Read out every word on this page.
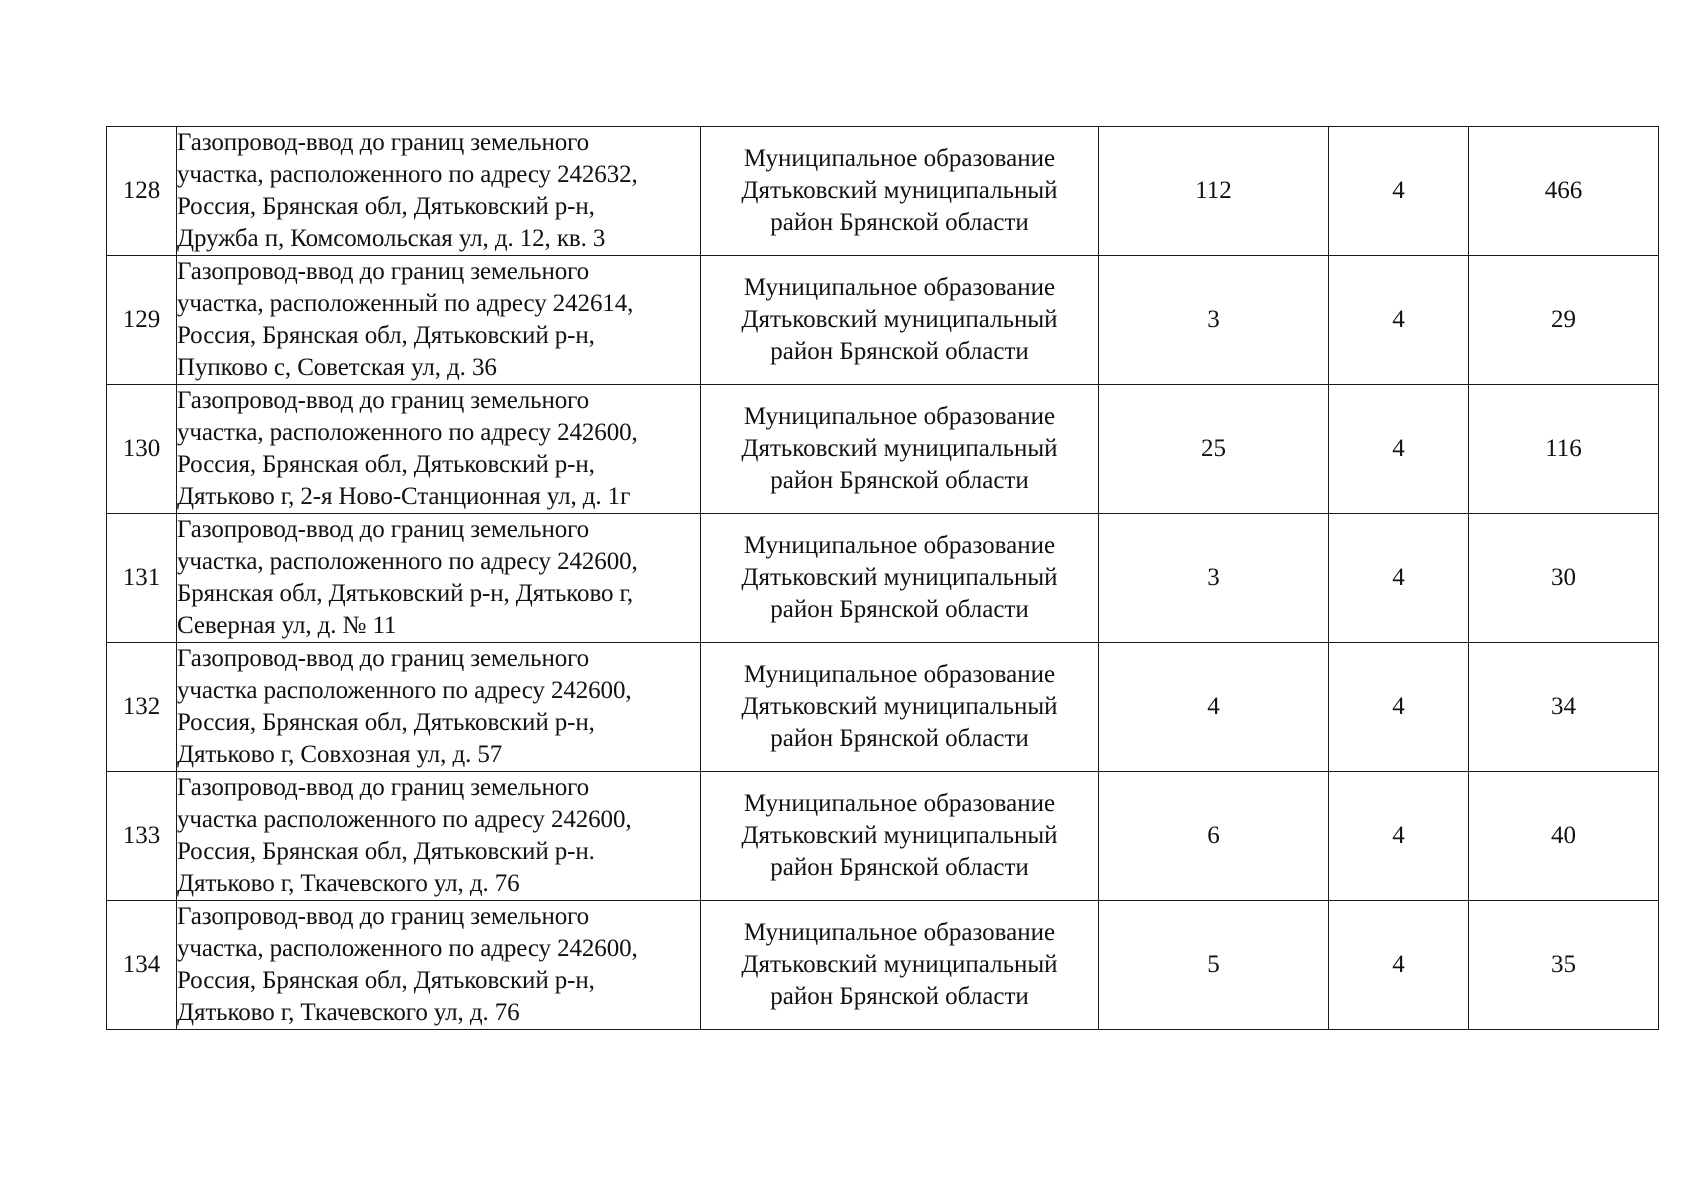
128	Газопровод-ввод до границ земельного
участка, расположенного по адресу 242632,
Россия, Брянская обл, Дятьковский р-н,
Дружба п, Комсомольская ул, д. 12, кв. 3	Муниципальное образование
Дятьковский муниципальный
район Брянской области	112	4	466
129	Газопровод-ввод до границ земельного
участка, расположенный по адресу 242614,
Россия, Брянская обл, Дятьковский р-н,
Пупково с, Советская ул, д. 36	Муниципальное образование
Дятьковский муниципальный
район Брянской области	3	4	29
130	Газопровод-ввод до границ земельного
участка, расположенного по адресу 242600,
Россия, Брянская обл, Дятьковский р-н,
Дятьково г, 2-я Ново-Станционная ул, д. 1г	Муниципальное образование
Дятьковский муниципальный
район Брянской области	25	4	116
131	Газопровод-ввод до границ земельного
участка, расположенного по адресу 242600,
Брянская обл, Дятьковский р-н, Дятьково г,
Северная ул, д. № 11	Муниципальное образование
Дятьковский муниципальный
район Брянской области	3	4	30
132	Газопровод-ввод до границ земельного
участка расположенного по адресу 242600,
Россия, Брянская обл, Дятьковский р-н,
Дятьково г, Совхозная ул, д. 57	Муниципальное образование
Дятьковский муниципальный
район Брянской области	4	4	34
133	Газопровод-ввод до границ земельного
участка расположенного по адресу 242600,
Россия, Брянская обл, Дятьковский р-н.
Дятьково г, Ткачевского ул, д. 76	Муниципальное образование
Дятьковский муниципальный
район Брянской области	6	4	40
134	Газопровод-ввод до границ земельного
участка, расположенного по адресу 242600,
Россия, Брянская обл, Дятьковский р-н,
Дятьково г, Ткачевского ул, д. 76	Муниципальное образование
Дятьковский муниципальный
район Брянской области	5	4	35
